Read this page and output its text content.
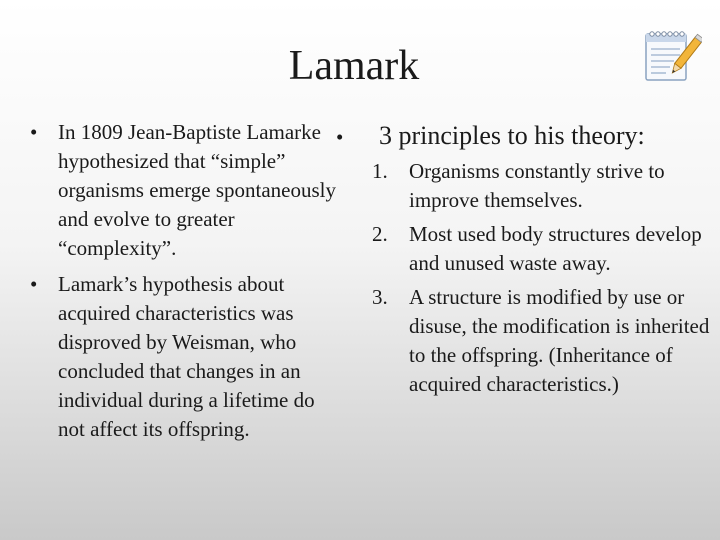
Lamark
• In 1809 Jean-Baptiste Lamarke hypothesized that “simple” organisms emerge spontaneously and evolve to greater “complexity”.
• Lamark’s hypothesis about acquired characteristics was disproved by Weisman, who concluded that changes in an individual during a lifetime do not affect its offspring.
• 3 principles to his theory:
1. Organisms constantly strive to improve themselves.
2. Most used body structures develop and unused waste away.
3. A structure is modified by use or disuse, the modification is inherited to the offspring. (Inheritance of acquired characteristics.)
